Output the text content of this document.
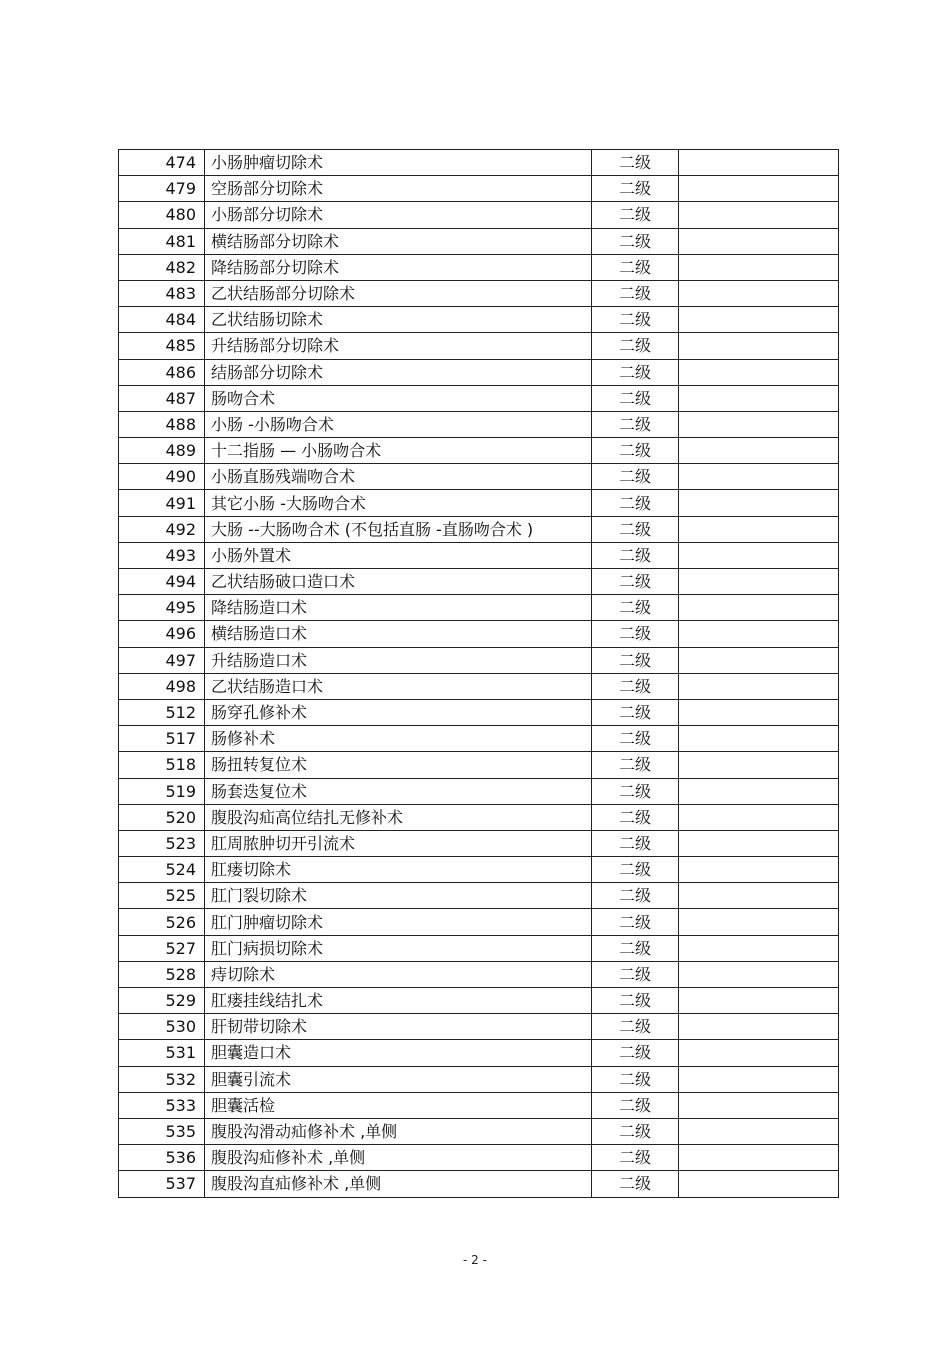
474	小肠肿瘤切除术	二级	
479	空肠部分切除术	二级	
480	小肠部分切除术	二级	
481	横结肠部分切除术	二级	
482	降结肠部分切除术	二级	
483	乙状结肠部分切除术	二级	
484	乙状结肠切除术	二级	
485	升结肠部分切除术	二级	
486	结肠部分切除术	二级	
487	肠吻合术	二级	
488	小肠 -小肠吻合术	二级	
489	十二指肠 — 小肠吻合术	二级	
490	小肠直肠残端吻合术	二级	
491	其它小肠 -大肠吻合术	二级	
492	大肠 --大肠吻合术 (不包括直肠 -直肠吻合术 )	二级	
493	小肠外置术	二级	
494	乙状结肠破口造口术	二级	
495	降结肠造口术	二级	
496	横结肠造口术	二级	
497	升结肠造口术	二级	
498	乙状结肠造口术	二级	
512	肠穿孔修补术	二级	
517	肠修补术	二级	
518	肠扭转复位术	二级	
519	肠套迭复位术	二级	
520	腹股沟疝高位结扎无修补术	二级	
523	肛周脓肿切开引流术	二级	
524	肛瘘切除术	二级	
525	肛门裂切除术	二级	
526	肛门肿瘤切除术	二级	
527	肛门病损切除术	二级	
528	痔切除术	二级	
529	肛瘘挂线结扎术	二级	
530	肝韧带切除术	二级	
531	胆囊造口术	二级	
532	胆囊引流术	二级	
533	胆囊活检	二级	
535	腹股沟滑动疝修补术 ,单侧	二级	
536	腹股沟疝修补术 ,单侧	二级	
537	腹股沟直疝修补术 ,单侧	二级	
- 2 -
